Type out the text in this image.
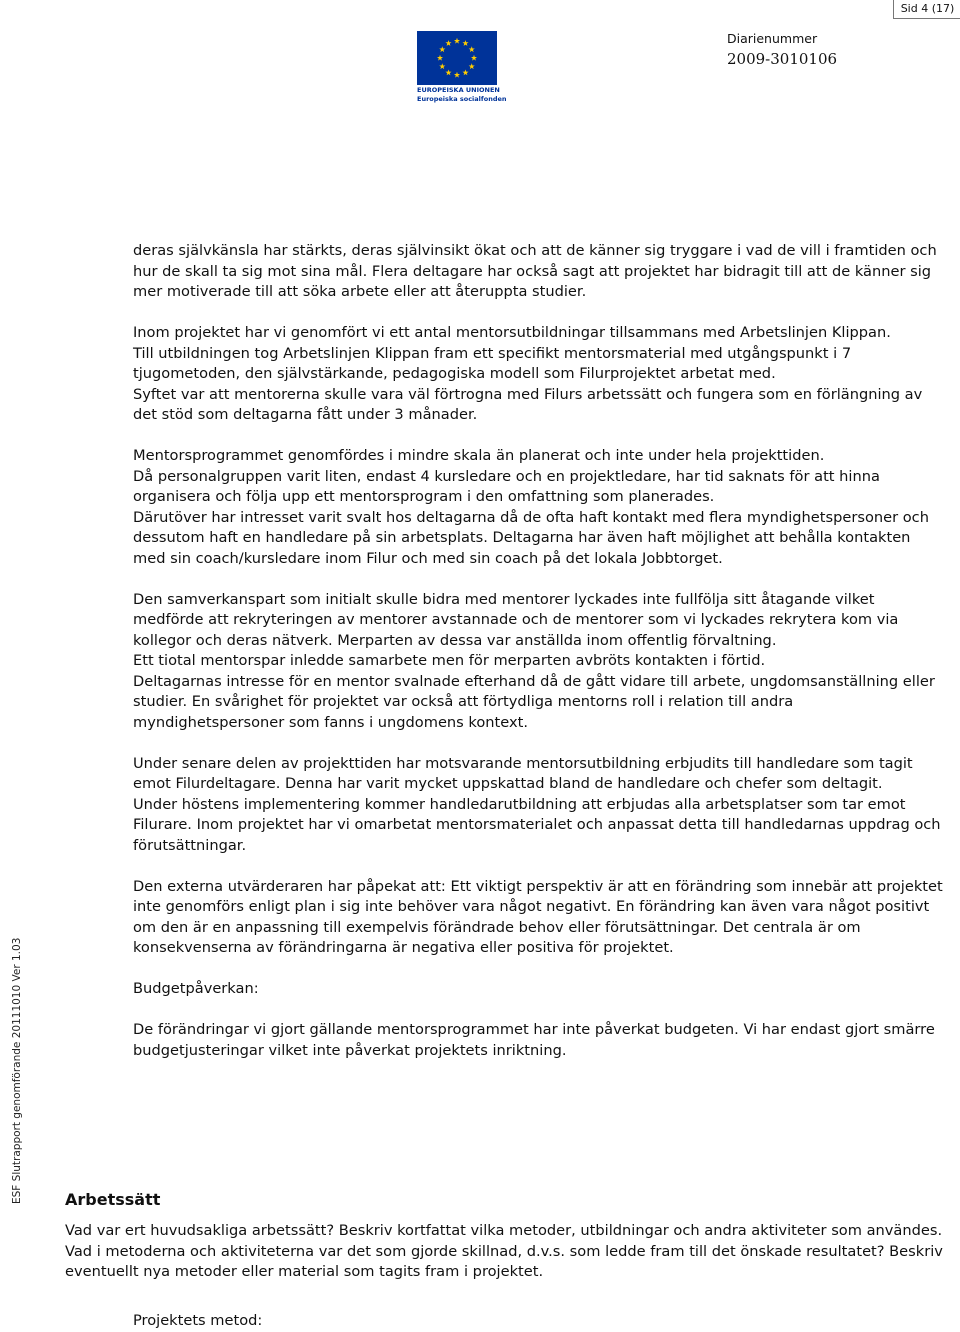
Sid 4 (17)
EUROPEISKA UNIONEN
Europeiska socialfonden
Diarienummer
2009-3010106
ESF Slutrapport genomförande 20111010 Ver 1.03

deras självkänsla har stärkts, deras självinsikt ökat och att de känner sig tryggare i vad de vill i framtiden och hur de skall ta sig mot sina mål. Flera deltagare har också sagt att projektet har bidragit till att de känner sig mer motiverade till att söka arbete eller att återuppta studier.

Inom projektet har vi genomfört vi ett antal mentorsutbildningar tillsammans med Arbetslinjen Klippan.

Till utbildningen tog Arbetslinjen Klippan fram ett specifikt mentorsmaterial med utgångspunkt i 7 tjugometoden, den självstärkande, pedagogiska modell som Filurprojektet arbetat med.

Syftet var att mentorerna skulle vara väl förtrogna med Filurs arbetssätt och fungera som en förlängning av det stöd som deltagarna fått under 3 månader.

Mentorsprogrammet genomfördes i mindre skala än planerat och inte under hela projekttiden.

Då personalgruppen varit liten, endast 4 kursledare och en projektledare, har tid saknats för att hinna organisera och följa upp ett mentorsprogram i den omfattning som planerades.

Därutöver har intresset varit svalt hos deltagarna då de ofta haft kontakt med flera myndighetspersoner och dessutom haft en handledare på sin arbetsplats. Deltagarna har även haft möjlighet att behålla kontakten med sin coach/kursledare inom Filur och med sin coach på det lokala Jobbtorget.

Den samverkanspart som initialt skulle bidra med mentorer lyckades inte fullfölja sitt åtagande vilket medförde att rekryteringen av mentorer avstannade och de mentorer som vi lyckades rekrytera kom via kollegor och deras nätverk. Merparten av dessa var anställda inom offentlig förvaltning.

Ett tiotal mentorspar inledde samarbete men för merparten avbröts kontakten i förtid.

Deltagarnas intresse för en mentor svalnade efterhand då de gått vidare till arbete, ungdomsanställning eller studier. En svårighet för projektet var också att förtydliga mentorns roll i relation till andra myndighetspersoner som fanns i ungdomens kontext.

Under senare delen av projekttiden har motsvarande mentorsutbildning erbjudits till handledare som tagit emot Filurdeltagare. Denna har varit mycket uppskattad bland de handledare och chefer som deltagit.

Under höstens implementering kommer handledarutbildning att erbjudas alla arbetsplatser som tar emot Filurare. Inom projektet har vi omarbetat mentorsmaterialet och anpassat detta till handledarnas uppdrag och förutsättningar.

Den externa utvärderaren har påpekat att: Ett viktigt perspektiv är att en förändring som innebär att projektet inte genomförs enligt plan i sig inte behöver vara något negativt. En förändring kan även vara något positivt om den är en anpassning till exempelvis förändrade behov eller förutsättningar. Det centrala är om konsekvenserna av förändringarna är negativa eller positiva för projektet.

Budgetpåverkan:

De förändringar vi gjort gällande mentorsprogrammet har inte påverkat budgeten. Vi har endast gjort smärre budgetjusteringar vilket inte påverkat projektets inriktning.

Arbetssätt

Vad var ert huvudsakliga arbetssätt? Beskriv kortfattat vilka metoder, utbildningar och andra aktiviteter som användes. Vad i metoderna och aktiviteterna var det som gjorde skillnad, d.v.s. som ledde fram till det önskade resultatet? Beskriv eventuellt nya metoder eller material som tagits fram i projektet.

Projektets metod:
